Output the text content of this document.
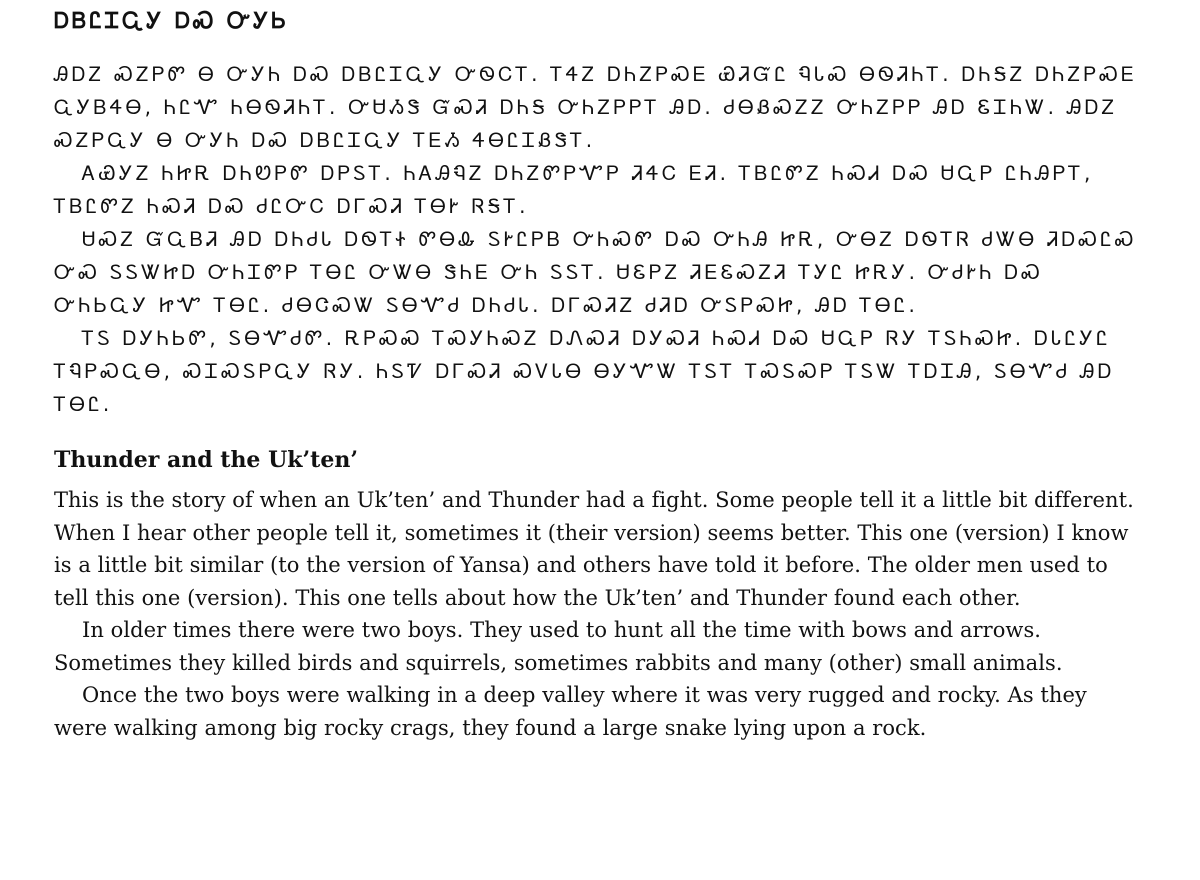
ᎠᏴᏝᏆᏩᎩ ᎠᏍ ᏅᎩᏏ

ᎯᎠᏃ ᏍᏃᏢᏛ Ꮎ ᏅᎩᏂ ᎠᏍ ᎠᏴᏝᏆᏩᎩ ᏅᏫᏟᎢ. ᎢᏎᏃ ᎠᏂᏃᏢᏍᎬ ᏯᏘᏳᏝ ᏄᏓᏍ ᎾᏫᏘᏂᎢ. ᎠᏂᎦᏃ ᎠᏂᏃᏢᏍᎬ ᏩᎩᏴᏎᎾ, ᏂᏝᏉ ᏂᎾᏫᏘᏂᎢ. ᏅᏌᏱᏕ ᏳᏍᏘ ᎠᏂᎦ ᏅᏂᏃᏢᏢᎢ ᎯᎠ. ᏧᎾᏰᏍᏃᏃ ᏅᏂᏃᏢᏢ ᎯᎠ ᏋᏆᏂᏔ. ᎯᎠᏃ ᏍᏃᏢᏩᎩ Ꮎ ᏅᎩᏂ ᎠᏍ ᎠᏴᏝᏆᏩᎩ ᎢᎬᏱ ᏎᎾᏝᏆᏰᏕᎢ.

ᎪᏯᎩᏃ ᏂᏥᎡ ᎠᏂᏬᏢᏛ ᎠᏢᏚᎢ. ᏂᎪᎯᏄᏃ ᎠᏂᏃᏛᏢᏉᏢ ᏘᏎᏟ ᎬᏘ. ᎢᏴᏝᏛᏃ ᏂᏍᏗ ᎠᏍ ᏌᏩᏢ ᏝᏂᎯᏢᎢ, ᎢᏴᏝᏛᏃ ᏂᏍᏘ ᎠᏍ ᏧᏝᏅᏟ ᎠᎱᏍᏘ ᎢᎾᎨ ᏒᎦᎢ.

ᏌᏍᏃ ᏳᏩᏴᏘ ᎯᎠ ᎠᏂᏧᏓ ᎠᏫᎢᏐ ᏛᎾᎲ ᏚᎨᏝᏢᏴ ᏅᏂᏍᏛ ᎠᏍ ᏅᏂᎯ ᏥᎡ, ᏅᎾᏃ ᎠᏫᎢᏒ ᏧᏔᎾ ᏘᎠᏍᏝᏍ ᏅᏍ ᏚᏚᏔᏥᎠ ᏅᏂᏆᏛᏢ ᎢᎾᏝ ᏅᏔᎾ ᏕᏂᎬ ᏅᏂ ᏚᏚᎢ. ᏌᏋᏢᏃ ᏘᎬᏋᏍᏃᏘ ᎢᎩᏝ ᏥᎡᎩ. ᏅᏧᎨᏂ ᎠᏍ ᏅᏂᏏᏩᎩ ᏥᏉ ᎢᎾᏝ. ᏧᎾᏣᏍᏔ ᏚᎾᏉᏧ ᎠᏂᏧᏓ. ᎠᎱᏍᏘᏃ ᏧᏘᎠ ᏅᏚᏢᏍᏥ, ᎯᎠ ᎢᎾᏝ.

ᎢᏚ ᎠᎩᏂᏏᏛ, ᏚᎾᏉᏧᏛ. ᎡᏢᏍᏍ ᎢᏍᎩᏂᏍᏃ ᎠᏁᏍᏘ ᎠᎩᏍᏘ ᏂᏍᏗ ᎠᏍ ᏌᏩᏢ ᏒᎩ ᎢᏚᏂᏍᏥ. ᎠᏓᏝᎩᏝ ᎢᏄᏢᏍᏩᎾ, ᏍᏆᏍᏚᏢᏩᎩ ᏒᎩ. ᏂᏚᏤ ᎠᎱᏍᏘ ᏍᏙᏓᎾ ᎾᎩᏉᏔ ᎢᏚᎢ ᎢᏍᏚᏍᏢ ᎢᏚᏔ ᎢᎠᏆᎯ, ᏚᎾᏉᏧ ᎯᎠ ᎢᎾᏝ.

Thunder and the Uk’ten’

This is the story of when an Uk’ten’ and Thunder had a fight. Some people tell it a little bit different. When I hear other people tell it, sometimes it (their version) seems better. This one (version) I know is a little bit similar (to the version of Yansa) and others have told it before. The older men used to tell this one (version). This one tells about how the Uk’ten’ and Thunder found each other.

In older times there were two boys. They used to hunt all the time with bows and arrows. Sometimes they killed birds and squirrels, sometimes rabbits and many (other) small animals.

Once the two boys were walking in a deep valley where it was very rugged and rocky. As they were walking among big rocky crags, they found a large snake lying upon a rock.
